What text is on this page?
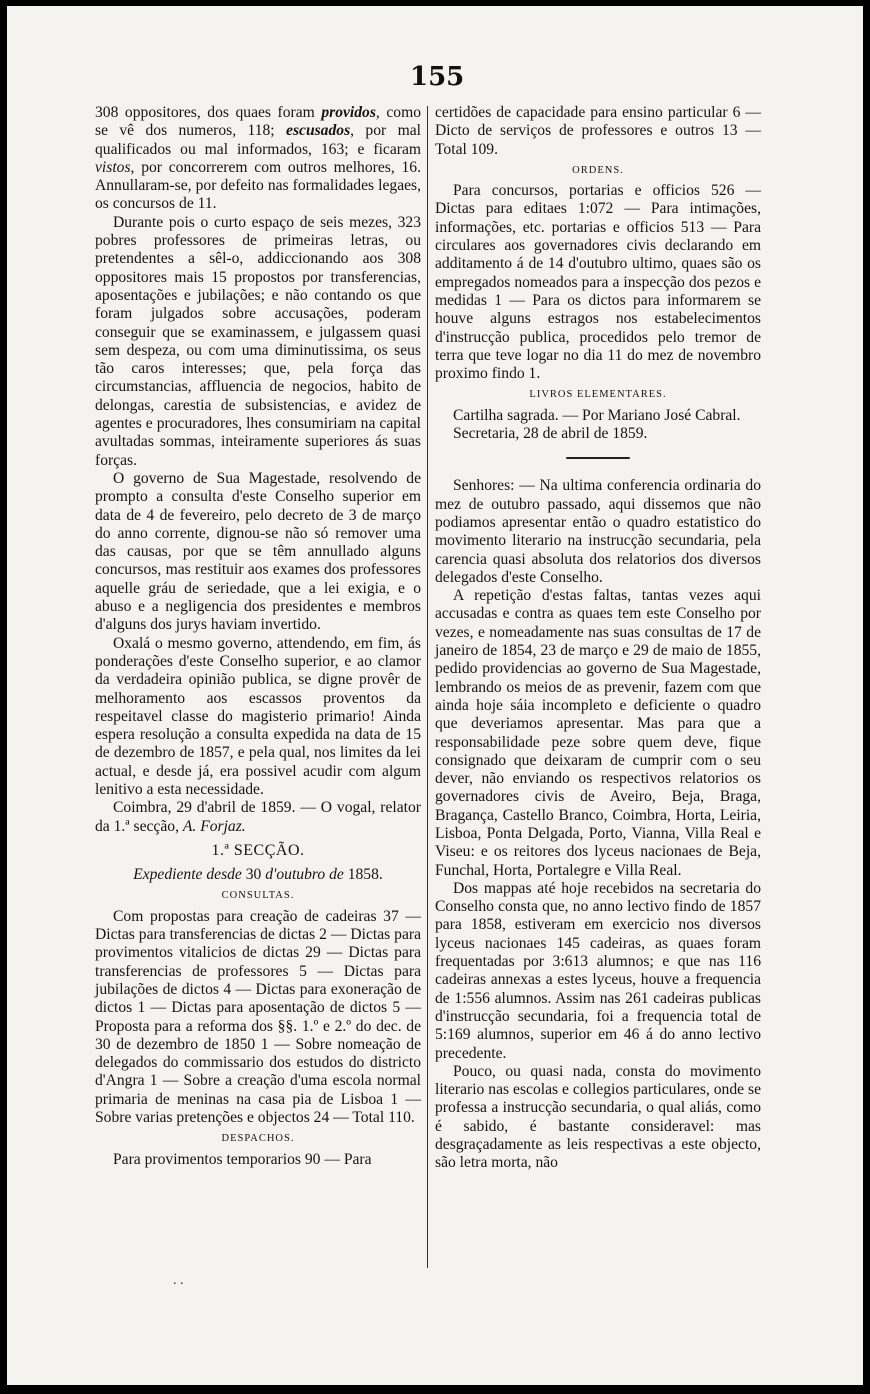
155

308 oppositores, dos quaes foram providos, como se vê dos numeros, 118; escusados, por mal qualificados ou mal informados, 163; e ficaram vistos, por concorrerem com outros melhores, 16. Annullaram-se, por defeito nas formalidades legaes, os concursos de 11.

Durante pois o curto espaço de seis mezes, 323 pobres professores de primeiras letras, ou pretendentes a sêl-o, addiccionando aos 308 oppositores mais 15 propostos por transferencias, aposentações e jubilações; e não contando os que foram julgados sobre accusações, poderam conseguir que se examinassem, e julgassem quasi sem despeza, ou com uma diminutissima, os seus tão caros interesses; que, pela força das circumstancias, affluencia de negocios, habito de delongas, carestia de subsistencias, e avidez de agentes e procuradores, lhes consumiriam na capital avultadas sommas, inteiramente superiores ás suas forças.

O governo de Sua Magestade, resolvendo de prompto a consulta d'este Conselho superior em data de 4 de fevereiro, pelo decreto de 3 de março do anno corrente, dignou-se não só remover uma das causas, por que se têm annullado alguns concursos, mas restituir aos exames dos professores aquelle gráu de seriedade, que a lei exigia, e o abuso e a negligencia dos presidentes e membros d'alguns dos jurys haviam invertido.

Oxalá o mesmo governo, attendendo, em fim, ás ponderações d'este Conselho superior, e ao clamor da verdadeira opinião publica, se digne provêr de melhoramento aos escassos proventos da respeitavel classe do magisterio primario! Ainda espera resolução a consulta expedida na data de 15 de dezembro de 1857, e pela qual, nos limites da lei actual, e desde já, era possivel acudir com algum lenitivo a esta necessidade.

Coimbra, 29 d'abril de 1859. — O vogal, relator da 1.ª secção, A. Forjaz.

1.ª SECÇÃO.

Expediente desde 30 d'outubro de 1858.

CONSULTAS.

Com propostas para creação de cadeiras 37 — Dictas para transferencias de dictas 2 — Dictas para provimentos vitalicios de dictas 29 — Dictas para transferencias de professores 5 — Dictas para jubilações de dictos 4 — Dictas para exoneração de dictos 1 — Dictas para aposentação de dictos 5 — Proposta para a reforma dos §§. 1.º e 2.º do dec. de 30 de dezembro de 1850 1 — Sobre nomeação de delegados do commissario dos estudos do districto d'Angra 1 — Sobre a creação d'uma escola normal primaria de meninas na casa pia de Lisboa 1 — Sobre varias pretenções e objectos 24 — Total 110.

DESPACHOS.

Para provimentos temporarios 90 — Para

certidões de capacidade para ensino particular 6 — Dicto de serviços de professores e outros 13 — Total 109.

ORDENS.

Para concursos, portarias e officios 526 — Dictas para editaes 1:072 — Para intimações, informações, etc. portarias e officios 513 — Para circulares aos governadores civis declarando em additamento á de 14 d'outubro ultimo, quaes são os empregados nomeados para a inspecção dos pezos e medidas 1 — Para os dictos para informarem se houve alguns estragos nos estabelecimentos d'instrucção publica, procedidos pelo tremor de terra que teve logar no dia 11 do mez de novembro proximo findo 1.

LIVROS ELEMENTARES.

Cartilha sagrada. — Por Mariano José Cabral.

Secretaria, 28 de abril de 1859.

Senhores: — Na ultima conferencia ordinaria do mez de outubro passado, aqui dissemos que não podiamos apresentar então o quadro estatistico do movimento literario na instrucção secundaria, pela carencia quasi absoluta dos relatorios dos diversos delegados d'este Conselho.

A repetição d'estas faltas, tantas vezes aqui accusadas e contra as quaes tem este Conselho por vezes, e nomeadamente nas suas consultas de 17 de janeiro de 1854, 23 de março e 29 de maio de 1855, pedido providencias ao governo de Sua Magestade, lembrando os meios de as prevenir, fazem com que ainda hoje sáia incompleto e deficiente o quadro que deveriamos apresentar. Mas para que a responsabilidade peze sobre quem deve, fique consignado que deixaram de cumprir com o seu dever, não enviando os respectivos relatorios os governadores civis de Aveiro, Beja, Braga, Bragança, Castello Branco, Coimbra, Horta, Leiria, Lisboa, Ponta Delgada, Porto, Vianna, Villa Real e Viseu: e os reitores dos lyceus nacionaes de Beja, Funchal, Horta, Portalegre e Villa Real.

Dos mappas até hoje recebidos na secretaria do Conselho consta que, no anno lectivo findo de 1857 para 1858, estiveram em exercicio nos diversos lyceus nacionaes 145 cadeiras, as quaes foram frequentadas por 3:613 alumnos; e que nas 116 cadeiras annexas a estes lyceus, houve a frequencia de 1:556 alumnos. Assim nas 261 cadeiras publicas d'instrucção secundaria, foi a frequencia total de 5:169 alumnos, superior em 46 á do anno lectivo precedente.

Pouco, ou quasi nada, consta do movimento literario nas escolas e collegios particulares, onde se professa a instrucção secundaria, o qual aliás, como é sabido, é bastante consideravel: mas desgraçadamente as leis respectivas a este objecto, são letra morta, não

. .
